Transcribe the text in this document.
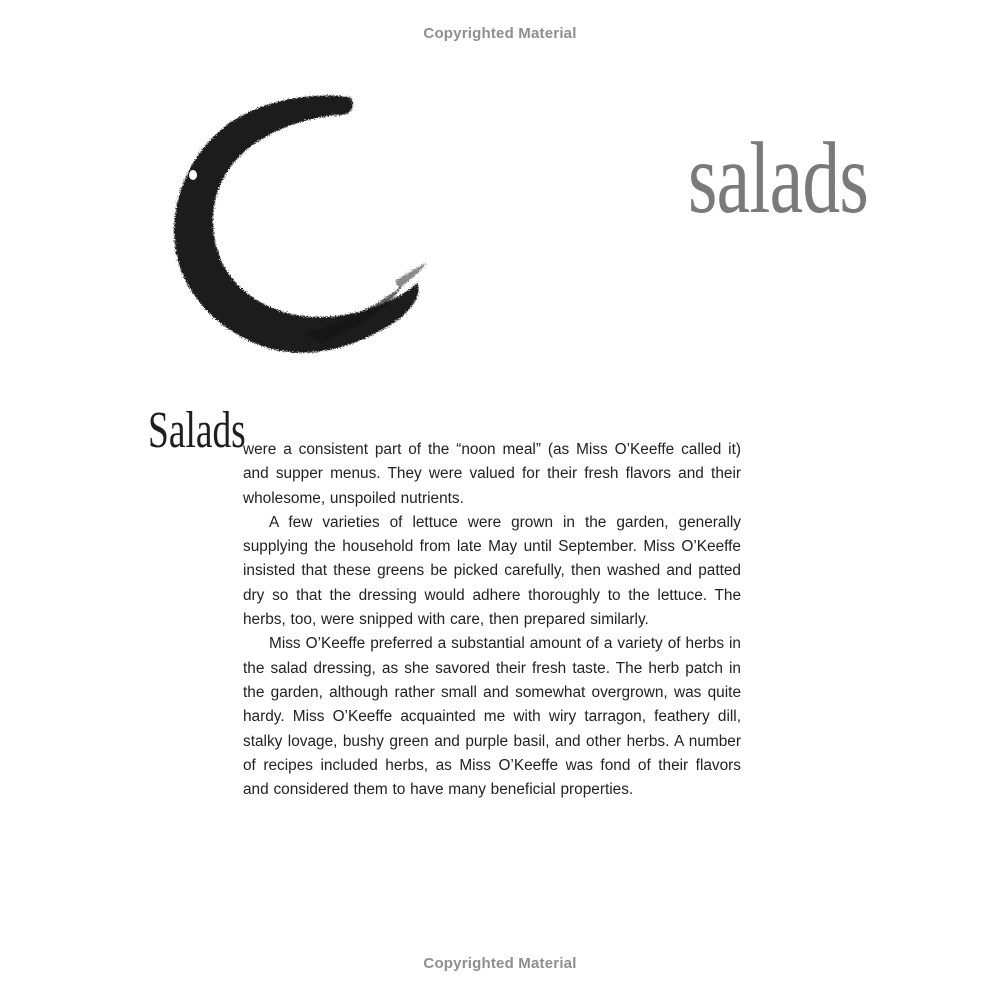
Copyrighted Material
salads
Salads

were a consistent part of the “noon meal” (as Miss O’Keeffe called it) and supper menus. They were valued for their fresh flavors and their wholesome, unspoiled nutrients.

A few varieties of lettuce were grown in the garden, generally supplying the household from late May until September. Miss O’Keeffe insisted that these greens be picked carefully, then washed and patted dry so that the dressing would adhere thoroughly to the lettuce. The herbs, too, were snipped with care, then prepared similarly.

Miss O’Keeffe preferred a substantial amount of a variety of herbs in the salad dressing, as she savored their fresh taste. The herb patch in the garden, although rather small and somewhat overgrown, was quite hardy. Miss O’Keeffe acquainted me with wiry tarragon, feathery dill, stalky lovage, bushy green and purple basil, and other herbs. A number of recipes included herbs, as Miss O’Keeffe was fond of their flavors and considered them to have many beneficial properties.

Copyrighted Material
